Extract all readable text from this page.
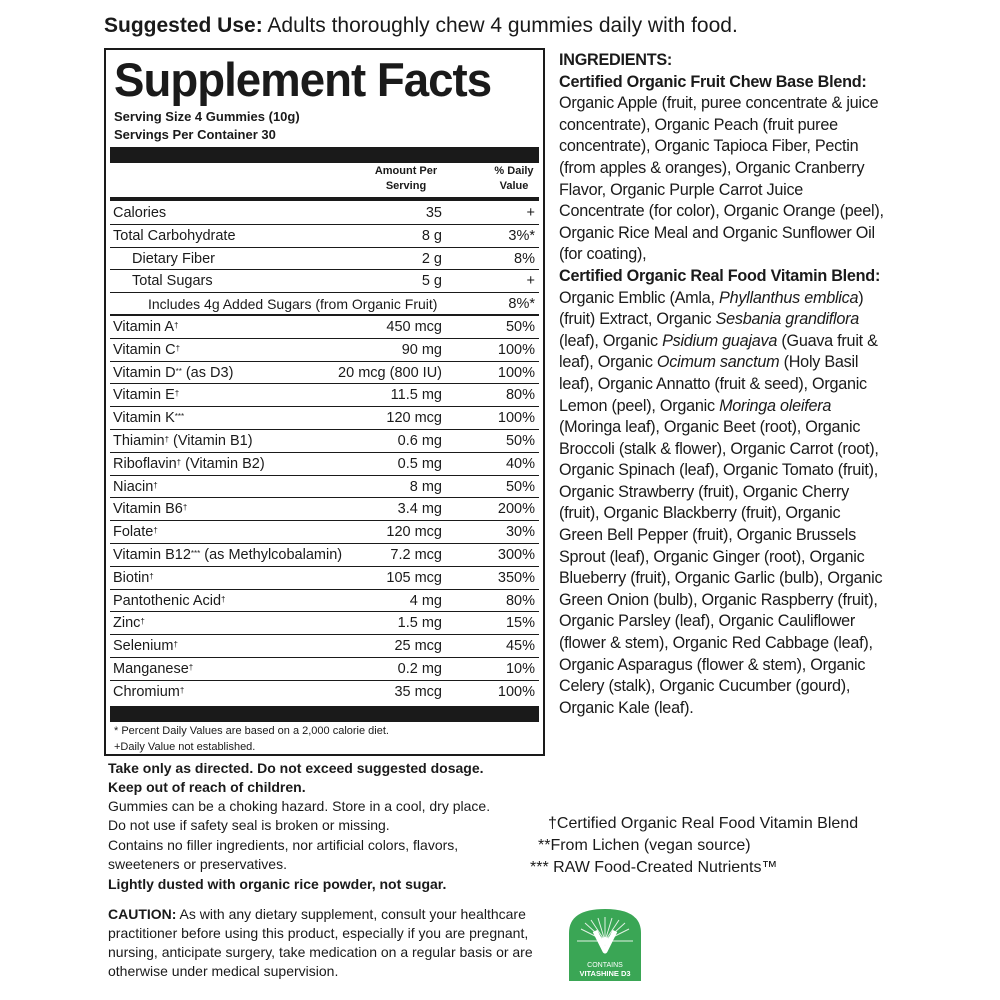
Suggested Use: Adults thoroughly chew 4 gummies daily with food.
Supplement Facts
Serving Size 4 Gummies (10g)
Servings Per Container 30
Amount Per Serving
% Daily Value
Calories	35	+
Total Carbohydrate	8 g	3%*
Dietary Fiber	2 g	8%
Total Sugars	5 g	+
Includes 4g Added Sugars (from Organic Fruit)	8%*
Vitamin A†	450 mcg	50%
Vitamin C†	90 mg	100%
Vitamin D** (as D3)	20 mcg (800 IU)	100%
Vitamin E†	11.5 mg	80%
Vitamin K***	120 mcg	100%
Thiamin† (Vitamin B1)	0.6 mg	50%
Riboflavin† (Vitamin B2)	0.5 mg	40%
Niacin†	8 mg	50%
Vitamin B6†	3.4 mg	200%
Folate†	120 mcg	30%
Vitamin B12*** (as Methylcobalamin)	7.2 mcg	300%
Biotin†	105 mcg	350%
Pantothenic Acid†	4 mg	80%
Zinc†	1.5 mg	15%
Selenium†	25 mcg	45%
Manganese†	0.2 mg	10%
Chromium†	35 mcg	100%
* Percent Daily Values are based on a 2,000 calorie diet.
+Daily Value not established.
Take only as directed. Do not exceed suggested dosage.
Keep out of reach of children.
Gummies can be a choking hazard. Store in a cool, dry place.
Do not use if safety seal is broken or missing.
Contains no filler ingredients, nor artificial colors, flavors,
sweeteners or preservatives.
Lightly dusted with organic rice powder, not sugar.
CAUTION: As with any dietary supplement, consult your healthcare practitioner before using this product, especially if you are pregnant, nursing, anticipate surgery, take medication on a regular basis or are otherwise under medical supervision.
INGREDIENTS:
Certified Organic Fruit Chew Base Blend: Organic Apple (fruit, puree concentrate & juice concentrate), Organic Peach (fruit puree concentrate), Organic Tapioca Fiber, Pectin (from apples & oranges), Organic Cranberry Flavor, Organic Purple Carrot Juice Concentrate (for color), Organic Orange (peel), Organic Rice Meal and Organic Sunflower Oil (for coating),
Certified Organic Real Food Vitamin Blend: Organic Emblic (Amla, Phyllanthus emblica) (fruit) Extract, Organic Sesbania grandiflora (leaf), Organic Psidium guajava (Guava fruit & leaf), Organic Ocimum sanctum (Holy Basil leaf), Organic Annatto (fruit & seed), Organic Lemon (peel), Organic Moringa oleifera (Moringa leaf), Organic Beet (root), Organic Broccoli (stalk & flower), Organic Carrot (root), Organic Spinach (leaf), Organic Tomato (fruit), Organic Strawberry (fruit), Organic Cherry (fruit), Organic Blackberry (fruit), Organic Green Bell Pepper (fruit), Organic Brussels Sprout (leaf), Organic Ginger (root), Organic Blueberry (fruit), Organic Garlic (bulb), Organic Green Onion (bulb), Organic Raspberry (fruit), Organic Parsley (leaf), Organic Cauliflower (flower & stem), Organic Red Cabbage (leaf), Organic Asparagus (flower & stem), Organic Celery (stalk), Organic Cucumber (gourd), Organic Kale (leaf).
†Certified Organic Real Food Vitamin Blend
**From Lichen (vegan source)
*** RAW Food-Created Nutrients™
CONTAINS
VITASHINE D3
